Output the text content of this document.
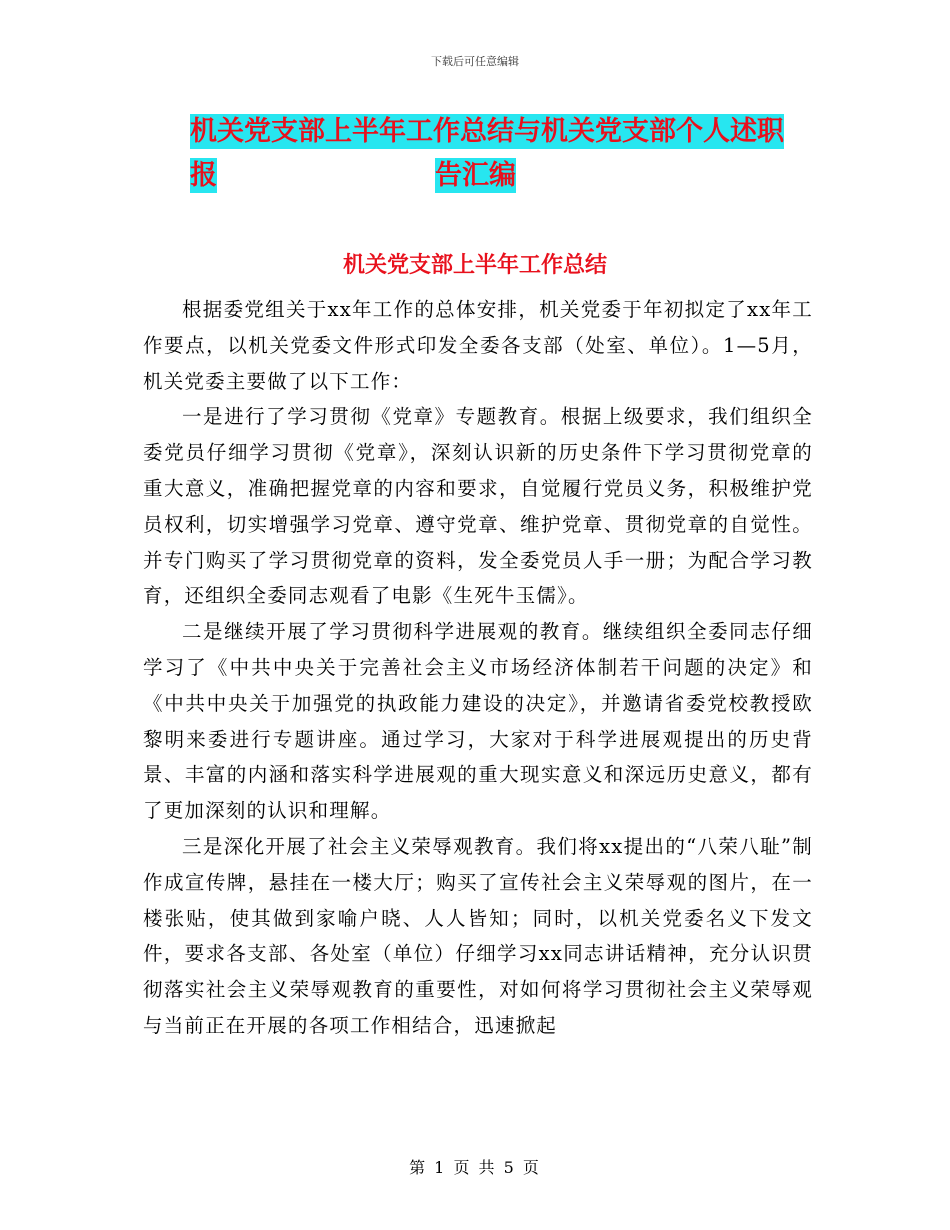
下载后可任意编辑
机关党支部上半年工作总结与机关党支部个人述职报	告汇编
机关党支部上半年工作总结

根据委党组关于xx年工作的总体安排，机关党委于年初拟定了xx年工作要点，以机关党委文件形式印发全委各支部（处室、单位）。1—5月，机关党委主要做了以下工作：

一是进行了学习贯彻《党章》专题教育。根据上级要求，我们组织全委党员仔细学习贯彻《党章》，深刻认识新的历史条件下学习贯彻党章的重大意义，准确把握党章的内容和要求，自觉履行党员义务，积极维护党员权利，切实增强学习党章、遵守党章、维护党章、贯彻党章的自觉性。并专门购买了学习贯彻党章的资料，发全委党员人手一册；为配合学习教育，还组织全委同志观看了电影《生死牛玉儒》。

二是继续开展了学习贯彻科学进展观的教育。继续组织全委同志仔细学习了《中共中央关于完善社会主义市场经济体制若干问题的决定》和《中共中央关于加强党的执政能力建设的决定》，并邀请省委党校教授欧黎明来委进行专题讲座。通过学习，大家对于科学进展观提出的历史背景、丰富的内涵和落实科学进展观的重大现实意义和深远历史意义，都有了更加深刻的认识和理解。

三是深化开展了社会主义荣辱观教育。我们将xx提出的“八荣八耻”制作成宣传牌，悬挂在一楼大厅；购买了宣传社会主义荣辱观的图片，在一楼张贴，使其做到家喻户晓、人人皆知；同时，以机关党委名义下发文件，要求各支部、各处室（单位）仔细学习xx同志讲话精神，充分认识贯彻落实社会主义荣辱观教育的重要性，对如何将学习贯彻社会主义荣辱观与当前正在开展的各项工作相结合，迅速掀起

第 1 页 共 5 页
